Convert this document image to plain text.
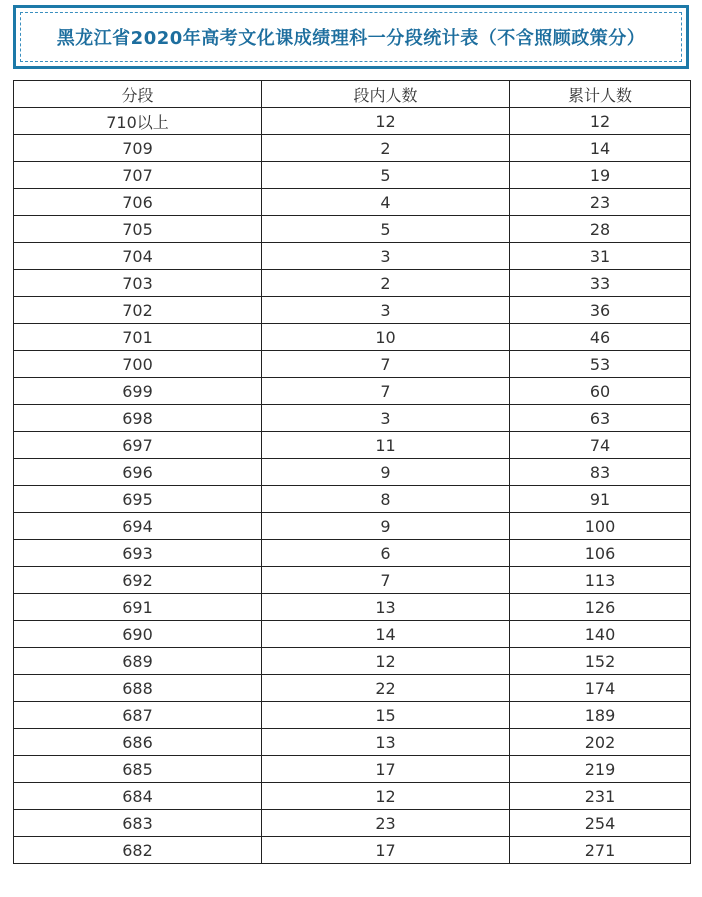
黑龙江省2020年高考文化课成绩理科一分段统计表（不含照顾政策分）
分段	段内人数	累计人数
710以上	12	12
709	2	14
707	5	19
706	4	23
705	5	28
704	3	31
703	2	33
702	3	36
701	10	46
700	7	53
699	7	60
698	3	63
697	11	74
696	9	83
695	8	91
694	9	100
693	6	106
692	7	113
691	13	126
690	14	140
689	12	152
688	22	174
687	15	189
686	13	202
685	17	219
684	12	231
683	23	254
682	17	271
